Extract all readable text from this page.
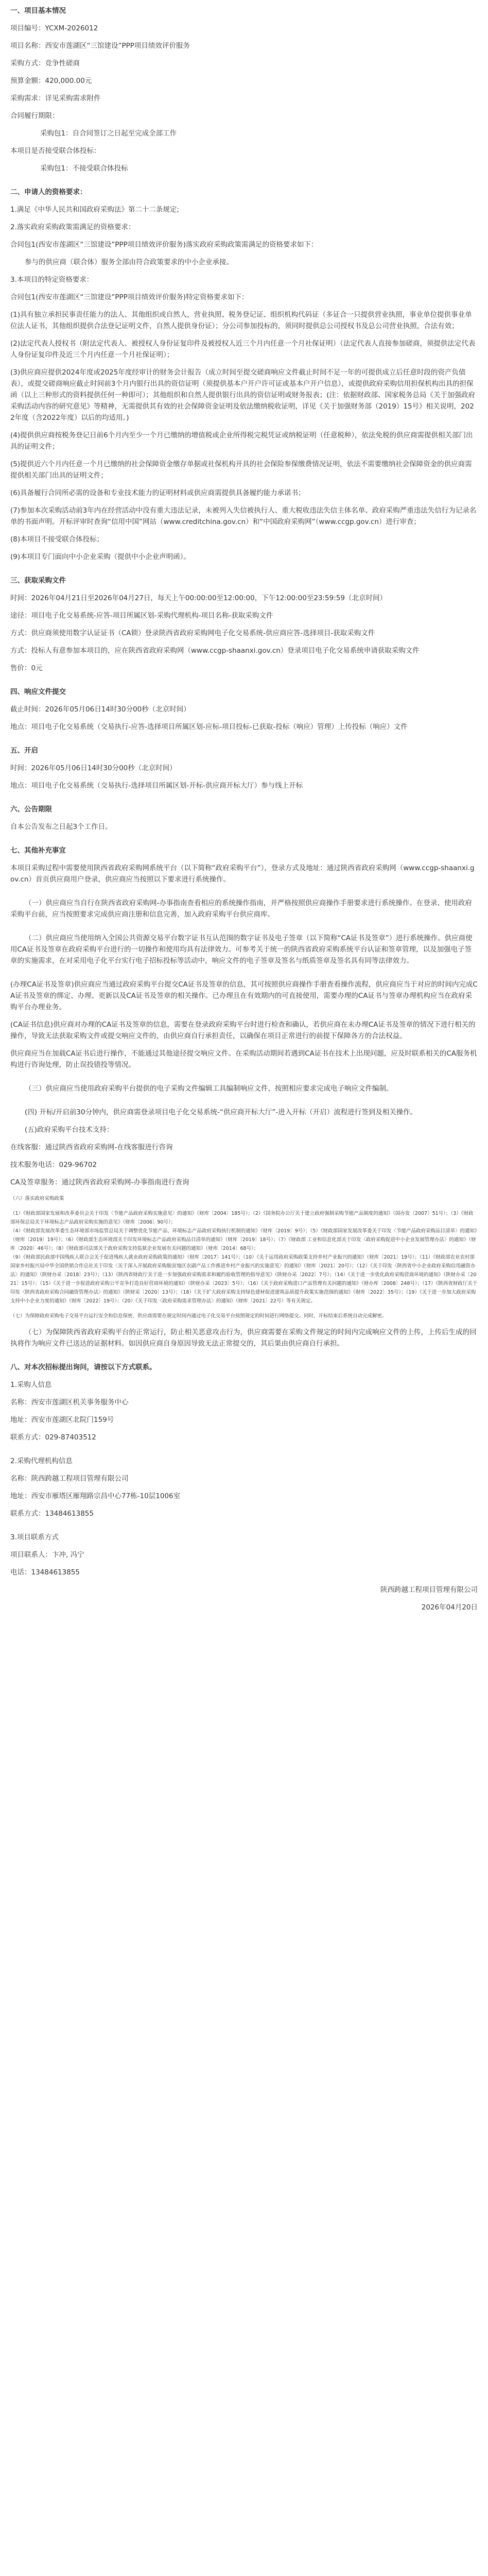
一、项目基本情况
项目编号：YCXM-2026012
项目名称：西安市莲湖区“三馆建设”PPP项目绩效评价服务
采购方式：竞争性磋商
预算金额：420,000.00元
采购需求：详见采购需求附件
合同履行期限：
采购包1：自合同签订之日起至完成全部工作
本项目是否接受联合体投标：
采购包1：不接受联合体投标
二、申请人的资格要求：
1.满足《中华人民共和国政府采购法》第二十二条规定;
2.落实政府采购政策需满足的资格要求：
合同包1(西安市莲湖区“三馆建设”PPP项目绩效评价服务)落实政府采购政策需满足的资格要求如下：
参与的供应商（联合体）服务全部由符合政策要求的中小企业承接。
3.本项目的特定资格要求：
合同包1(西安市莲湖区“三馆建设”PPP项目绩效评价服务)特定资格要求如下：
(1)具有独立承担民事责任能力的法人、其他组织或自然人，营业执照、税务登记证、组织机构代码证（多证合一只提供营业执照，事业单位提供事业单位法人证书，其他组织提供合法登记证明文件，自然人提供身份证）；分公司参加投标的，须同时提供总公司授权书及总公司营业执照，合法有效；
(2)法定代表人授权书（附法定代表人、被授权人身份证复印件及被授权人近三个月内任意一个月社保证明）（法定代表人直接参加磋商，须提供法定代表人身份证复印件及近三个月内任意一个月社保证明）；
(3)供应商应提供2024年度或2025年度经审计的财务会计报告（成立时间至提交磋商响应文件截止时间不足一年的可提供成立后任意时段的资产负债表），或提交磋商响应截止时间前3个月内银行出具的资信证明（须提供基本户开户许可证或基本户开户信息），或提供政府采购信用担保机构出具的担保函（以上三种形式的资料提供任何一种即可）；其他组织和自然人提供银行出具的资信证明或财务报表；(注：依据财政部、国家税务总局《关于加强政府采购活动内容的研究意见》等精神，无需提供其有效的社会保障资金证明及依法缴纳税收证明，详见《关于加强财务部（2019）15号》相关说明，2022年度（含2022年度）以后的均适用。)
(4)提供供应商按税务登记日前6个月内至少一个月已缴纳的增值税或企业所得税完税凭证或纳税证明（任意税种），依法免税的供应商需提供相关部门出具的证明文件；
(5)提供近六个月内任意一个月已缴纳的社会保障资金缴存单据或社保机构开具的社会保险参保缴费情况证明，依法不需要缴纳社会保障资金的供应商需提供相关部门出具的证明文件；
(6)具备履行合同所必需的设备和专业技术能力的证明材料或供应商需提供具备履约能力承诺书；
(7)参加本次采购活动前3年内在经营活动中没有重大违法记录，未被列入失信被执行人、重大税收违法失信主体名单、政府采购严重违法失信行为记录名单的书面声明。开标评审时查询“信用中国”网站（www.creditchina.gov.cn）和“中国政府采购网”（www.ccgp.gov.cn）进行审查；
(8)本项目不接受联合体投标；
(9)本项目专门面向中小企业采购（提供中小企业声明函）。
三、获取采购文件
时间：2026年04月21日至2026年04月27日，每天上午00:00:00至12:00:00，下午12:00:00至23:59:59（北京时间）
途径：项目电子化交易系统-应答-项目所属区划-采购代理机构-项目名称-获取采购文件
方式：供应商须使用数字认证证书（CA锁）登录陕西省政府采购网电子化交易系统-供应商应答-选择项目-获取采购文件
方式：投标人有意参加本项目的，应在陕西省政府采购网（www.ccgp-shaanxi.gov.cn）登录项目电子化交易系统申请获取采购文件
售价：0元
四、响应文件提交
截止时间：2026年05月06日14时30分00秒（北京时间）
地点：项目电子化交易系统（交易执行-应答-选择项目所属区划-应标-项目投标-已获取-投标（响应）管理）上传投标（响应）文件
五、开启
时间：2026年05月06日14时30分00秒（北京时间）
地点：项目电子化交易系统（交易执行-选择项目所属区划-开标-供应商开标大厅）参与线上开标
六、公告期限
自本公告发布之日起3个工作日。
七、其他补充事宜
本项目采购过程中需要使用陕西省政府采购网系统平台（以下简称“政府采购平台”），登录方式及地址：通过陕西省政府采购网（www.ccgp-shaanxi.gov.cn）首页供应商用户登录，供应商应当按照以下要求进行系统操作。
（一）供应商应当自行在陕西省政府采购网-办事指南查看相应的系统操作指南，并严格按照供应商操作手册要求进行系统操作。在登录、使用政府采购平台前，应当按照要求完成供应商注册和信息完善，加入政府采购平台供应商库。
（二）供应商应当使用纳入全国公共资源交易平台数字证书互认范围的数字证书及电子签章（以下简称“CA证书及签章”）进行系统操作。供应商使用CA证书及签章在政府采购平台进行的一切操作和使用均具有法律效力。可参考关于统一的陕西省政府采购系统平台认证和签章管理，以及加强电子签章的实施需求，在对采用电子化平台实行电子招标投标等活动中，响应文件的电子签章及签名与纸质签章及签名具有同等法律效力。
(办理CA证书及签章)供应商应当通过政府采购平台提交CA证书及签章的信息，其可按照供应商操作手册查看操作流程，供应商应当于对应的时间内完成CA证书及签章的绑定、办理、更新以及CA证书及签章的相关操作。已办理且在有效期内的可直接使用，需要办理的CA证书与签章办理机构应当在政府采购平台办理业务。
(CA证书信息)供应商对办理的CA证书及签章的信息，需要在登录政府采购平台时进行检查和确认，若供应商在未办理CA证书及签章的情况下进行相关的操作，导致无法获取采购文件或提交响应文件的，由供应商自行承担责任，以确保在项目正常进行的前提下保障各方的合法权益。
供应商应当在加载CA证书后进行操作，不能通过其他途径提交响应文件。在采购活动期间若遇到CA证书在技术上出现问题，应及时联系相关的CA服务机构进行咨询处理，防止误投错投等情况。
（三）供应商应当使用政府采购平台提供的电子采购文件编辑工具编制响应文件，按照相应要求完成电子响应文件编制。
(四) 开标/开启前30分钟内，供应商需登录项目电子化交易系统-“供应商开标大厅”-进入开标（开启）流程进行签到及相关操作。
(五)政府采购平台技术支持：
在线客服：通过陕西省政府采购网-在线客服进行咨询
技术服务电话：029-96702
CA及签章服务：通过陕西省政府采购网-办事指南进行查询
（六）落实政府采购政策
（1）《财政部国家发展和改革委员会关于印发〈节能产品政府采购实施意见〉的通知》（财库〔2004〕185号）；（2）《国务院办公厅关于建立政府强制采购节能产品制度的通知》（国办发〔2007〕51号）；（3）《财政部环保总局关于环境标志产品政府采购实施的意见》（财库〔2006〕90号）；
（4）《财政部发展改革委生态环境部市场监管总局关于调整优化节能产品、环境标志产品政府采购执行机制的通知》（财库〔2019〕9号）；（5）《财政部国家发展改革委关于印发〈节能产品政府采购品目清单〉的通知》（财库〔2019〕19号）；（6）《财政部生态环境部关于印发环境标志产品政府采购品目清单的通知》（财库〔2019〕18号）；（7）《财政部 工业和信息化部关于印发〈政府采购促进中小企业发展管理办法〉的通知》（财库〔2020〕46号）；（8）《财政部司法部关于政府采购支持监狱企业发展有关问题的通知》（财库〔2014〕68号）；
（9）《财政部民政部中国残疾人联合会关于促进残疾人就业政府采购政策的通知》（财库〔2017〕141号）；（10）《关于运用政府采购政策支持乡村产业振兴的通知》（财库〔2021〕19号）；（11）《财政部农业农村部国家乡村振兴局中华全国供销合作总社关于印发〈关于深入开展政府采购脱贫地区农副产品工作推进乡村产业振兴的实施意见〉的通知》（财库〔2021〕20号）；（12）《关于印发〈陕西省中小企业政府采购信用融资办法〉的通知》（陕财办采〔2018〕23号）；（13）《陕西省财政厅关于进一步加强政府采购需求和履约验收管理的指导意见》（陕财办采〔2022〕7号）；（14）《关于进一步优化政府采购营商环境的通知》（陕财办采〔2021〕15号）；（15）《关于进一步促进政府采购公平竞争打造良好营商环境的通知》（陕财办采〔2023〕5号）；（16）《关于政府采购进口产品管理有关问题的通知》（财办库〔2008〕248号）；（17）《陕西省财政厅关于印发〈陕西省政府采购合同融资管理办法〉的通知》（陕财采〔2020〕13号）；（18）《关于扩大政府采购支持绿色建材促进建筑品质提升政策实施范围的通知》（财库〔2022〕35号）；（19）《关于进一步加大政府采购支持中小企业力度的通知》（财库〔2022〕19号）；（20）《关于印发〈政府采购需求管理办法〉的通知》（财库〔2021〕22号）等有关规定。
（七）为保障政府采购电子交易平台运行安全和信息保密，供应商需要在规定时间内通过电子化交易平台按照规定的时间进行网络提交。同时，开标结束后系统自动完成解密。
（七）为保障陕西省政府采购平台的正常运行，防止相关恶意攻击行为，供应商需要在采购文件规定的时间内完成响应文件的上传，上传后生成的回执将作为响应文件已送达的证据材料。如因供应商自身原因导致无法正常提交的，其后果由供应商自行承担。
八、对本次招标提出询问，请按以下方式联系。
1.采购人信息
名称：西安市莲湖区机关事务服务中心
地址：西安市莲湖区北院门159号
联系方式：029-87403512
2.采购代理机构信息
名称：陕西跨越工程项目管理有限公司
地址：西安市雁塔区雁翔路宗昌中心77栋-10层1006室
联系方式：13484613855
3.项目联系方式
项目联系人：卞冲, 冯宁
电话：13484613855
陕西跨越工程项目管理有限公司
2026年04月20日
